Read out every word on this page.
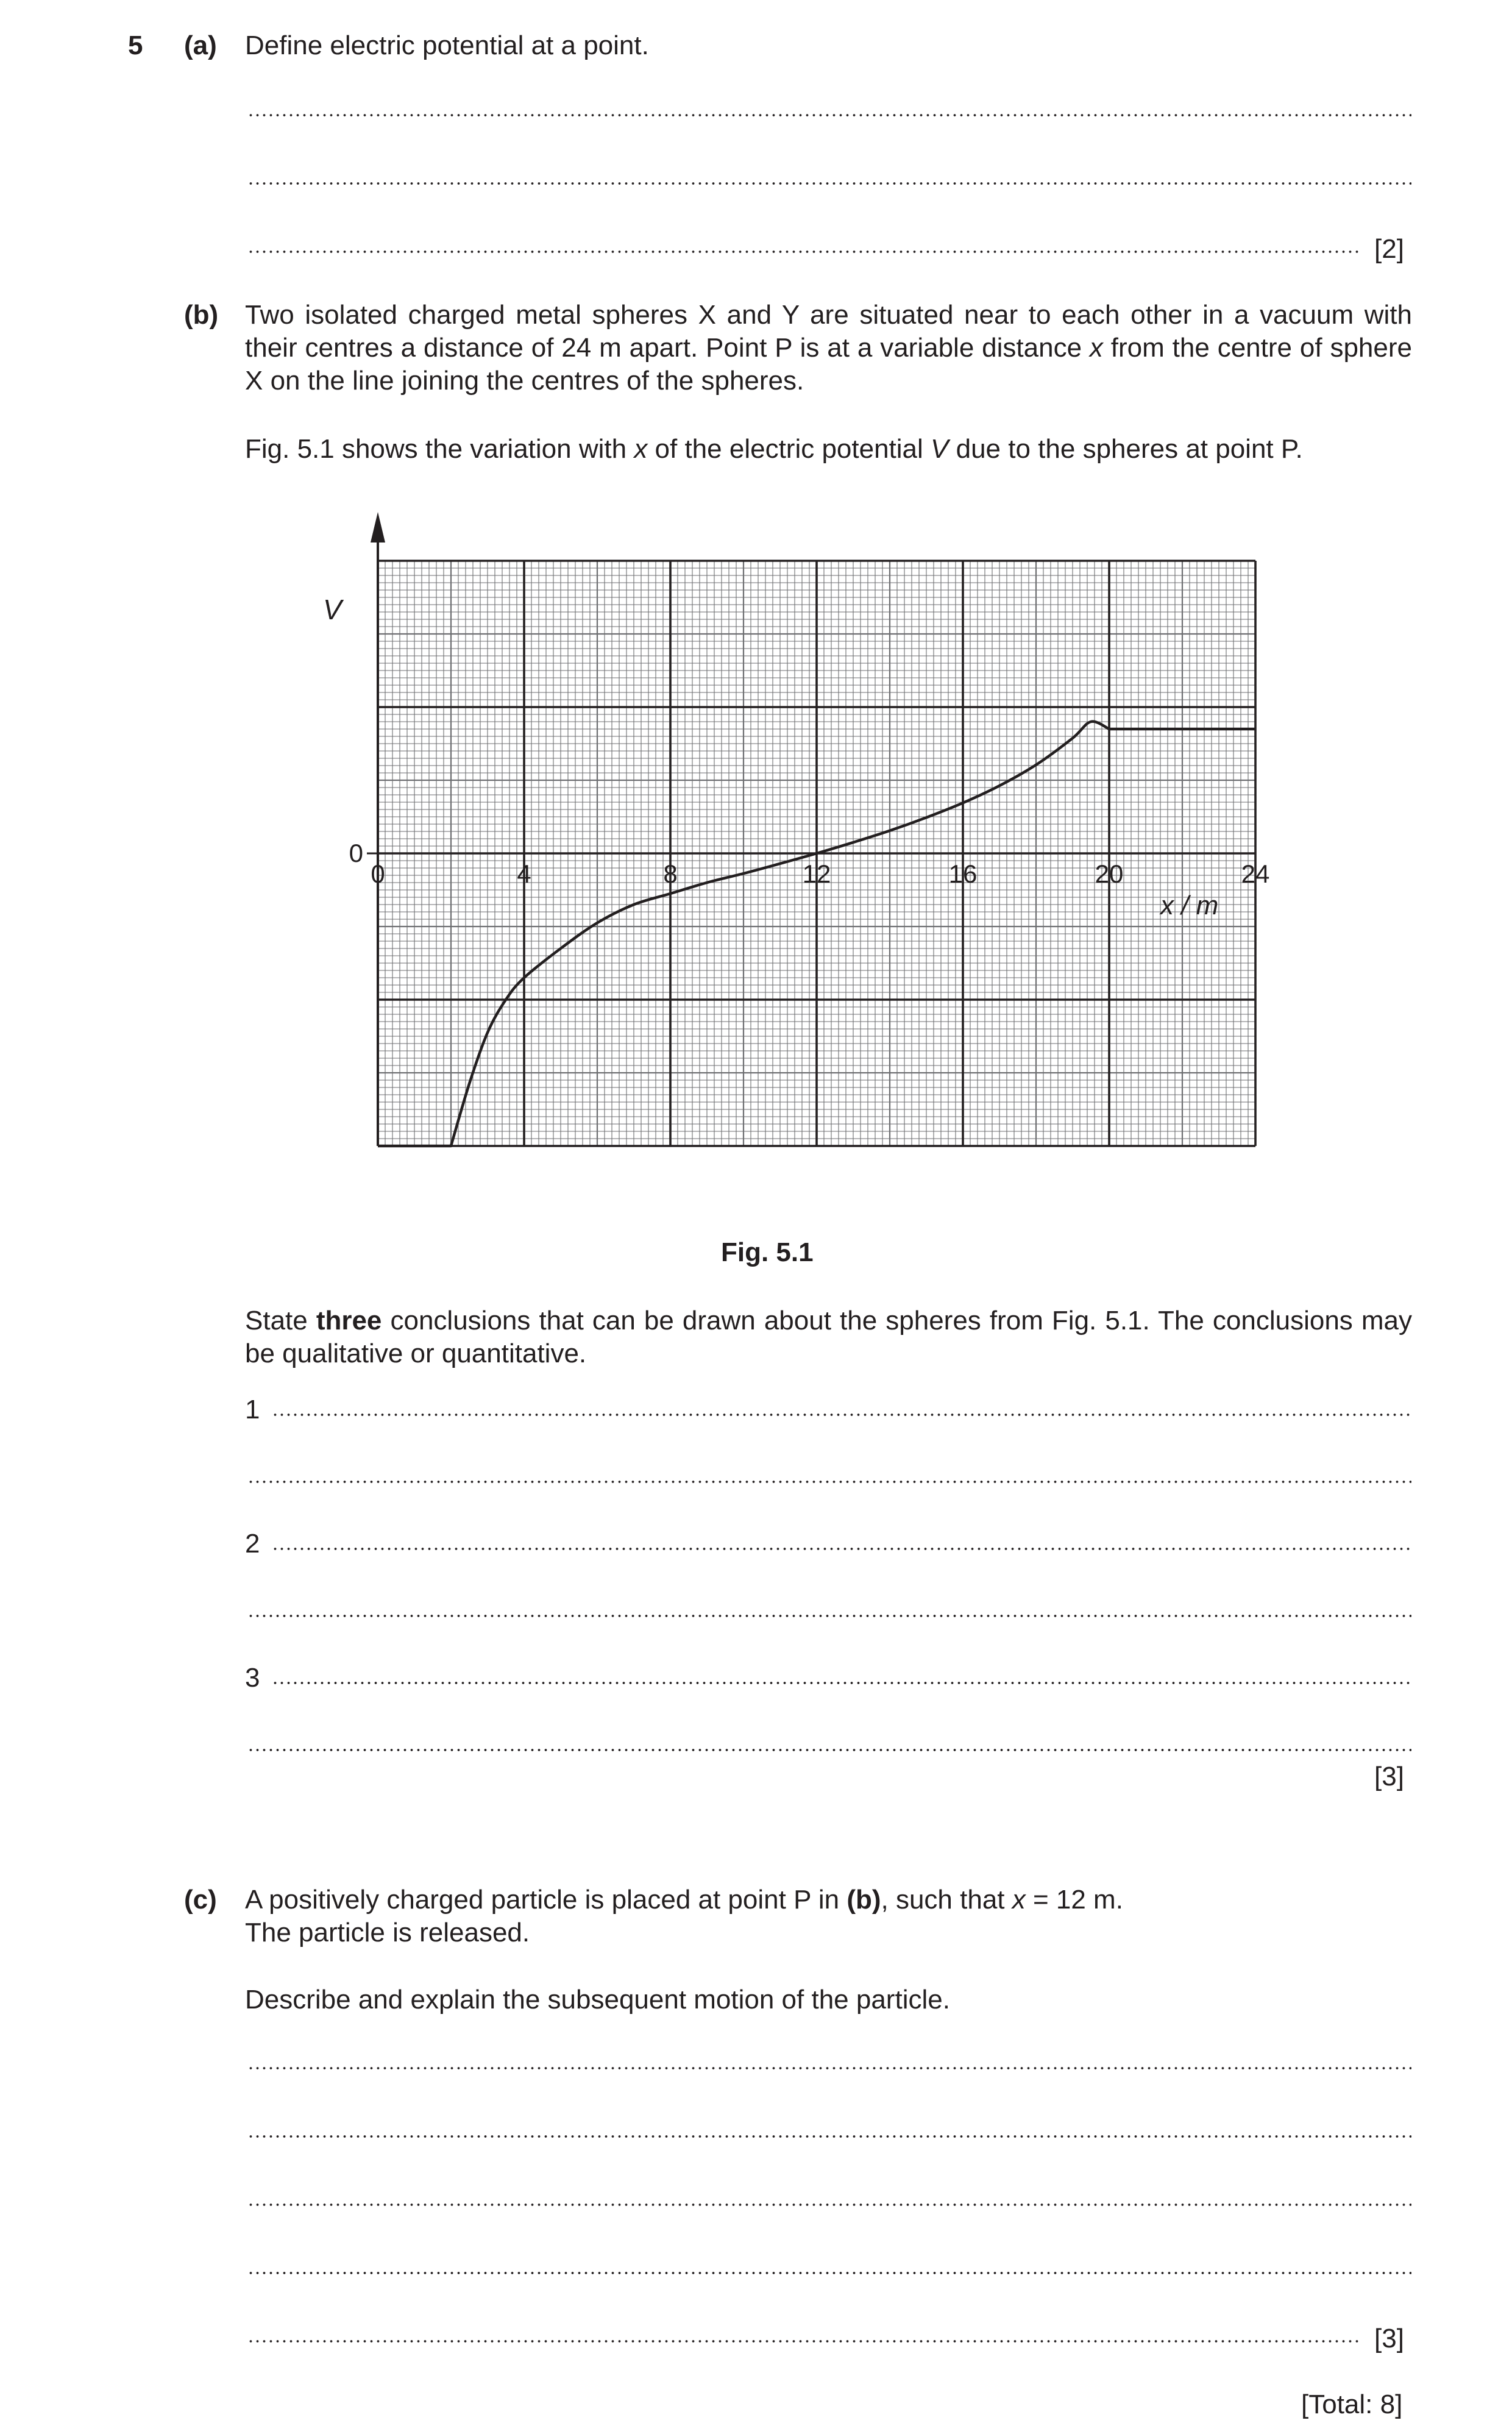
5 (a) Define electric potential at a point.
[2]
(b) Two isolated charged metal spheres X and Y are situated near to each other in a vacuum with their centres a distance of 24 m apart. Point P is at a variable distance x from the centre of sphere X on the line joining the centres of the spheres.
Fig. 5.1 shows the variation with x of the electric potential V due to the spheres at point P.
V
x / m
0	4	8	12	16	20	24
0
Fig. 5.1
State three conclusions that can be drawn about the spheres from Fig. 5.1. The conclusions may be qualitative or quantitative.
1
2
3
[3]
(c) A positively charged particle is placed at point P in (b), such that x = 12 m.
The particle is released.
Describe and explain the subsequent motion of the particle.
[3]
[Total: 8]
